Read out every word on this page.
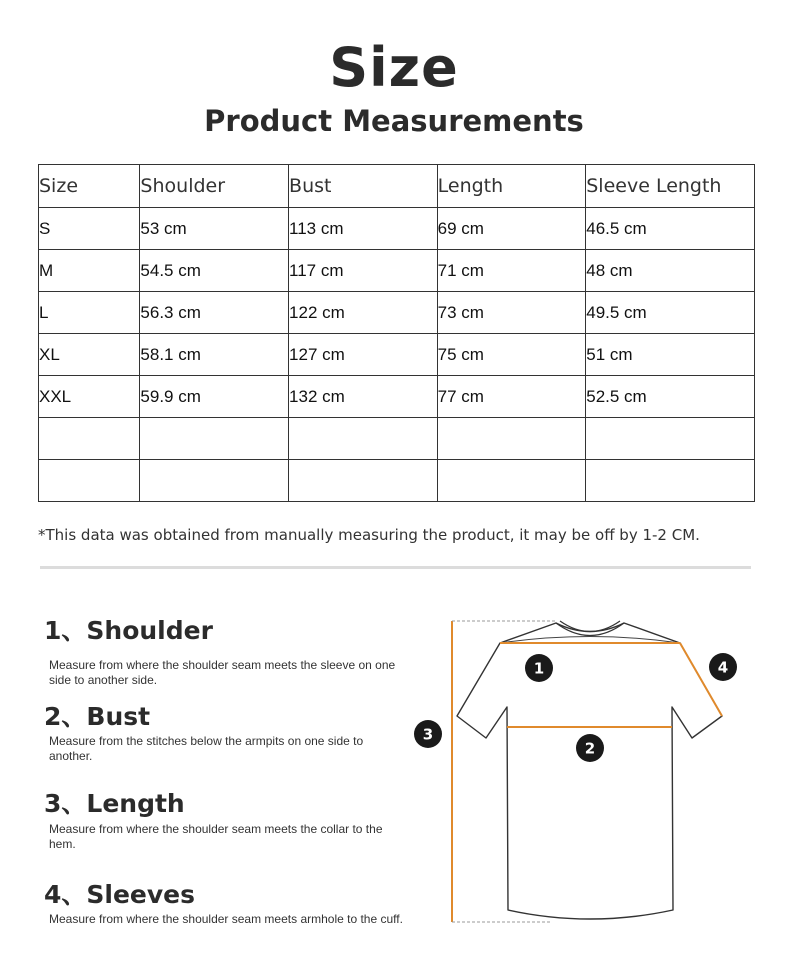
Size
Product Measurements
Size	Shoulder	Bust	Length	Sleeve Length
S	53 cm	113 cm	69 cm	46.5 cm
M	54.5 cm	117 cm	71 cm	48 cm
L	56.3 cm	122 cm	73 cm	49.5 cm
XL	58.1 cm	127 cm	75 cm	51 cm
XXL	59.9 cm	132 cm	77 cm	52.5 cm

*This data was obtained from manually measuring the product, it may be off by 1-2 CM.
1、Shoulder
Measure from where the shoulder seam meets the sleeve on one side to another side.
2、Bust
Measure from the stitches below the armpits on one side to another.
3、Length
Measure from where the shoulder seam meets the collar to the hem.
4、Sleeves
Measure from where the shoulder seam meets armhole to the cuff.
1
2
3
4
